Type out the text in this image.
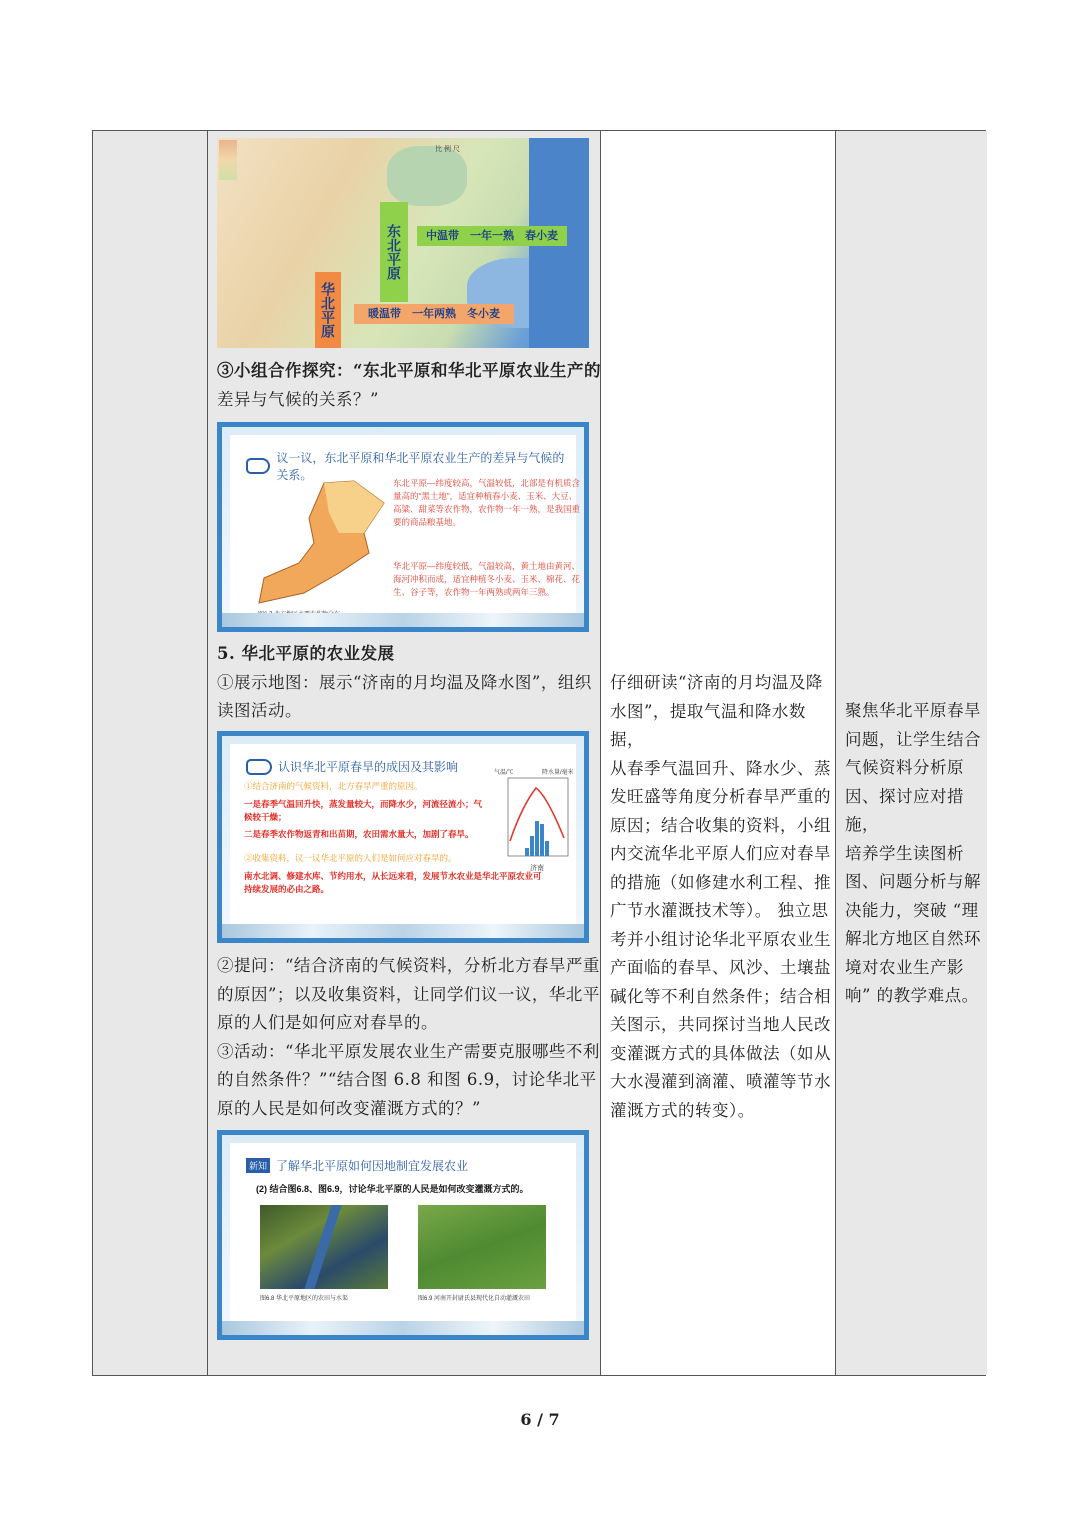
比 例 尺
东北平原	中温带　一年一熟　春小麦
华北平原	暖温带　一年两熟　冬小麦
③小组合作探究：“东北平原和华北平原农业生产的
差异与气候的关系？”
议一议，东北平原和华北平原农业生产的差异与气候的关系。
东北平原—纬度较高，气温较低，北部是有机质含量高的“黑土地”，适宜种植春小麦、玉米、大豆、高粱、甜菜等农作物，农作物一年一熟，是我国重要的商品粮基地。
华北平原—纬度较低，气温较高，黄土地由黄河、海河冲积而成，适宜种植冬小麦、玉米、棉花、花生、谷子等，农作物一年两熟或两年三熟。
5. 华北平原的农业发展
①展示地图：展示“济南的月均温及降水图”，组织
读图活动。
认识华北平原春旱的成因及其影响
①结合济南的气候资料，北方春旱严重的原因。
一是春季气温回升快，蒸发量较大，而降水少，河流径流小；气候较干燥；
二是春季农作物返青和出苗期，农田需水量大，加剧了春旱。
②收集资料，议一议华北平原的人们是如何应对春旱的。
南水北调、修建水库、节约用水，从长远来看，发展节水农业是华北平原农业可持续发展的必由之路。
气温/℃	降水量/毫米
济南
②提问：“结合济南的气候资料，分析北方春旱严重
的原因”；以及收集资料，让同学们议一议，华北平
原的人们是如何应对春旱的。
③活动：“华北平原发展农业生产需要克服哪些不利
的自然条件？”“结合图 6.8 和图 6.9，讨论华北平
原的人民是如何改变灌溉方式的？”
新知 了解华北平原如何因地制宜发展农业
(2) 结合图6.8、图6.9，讨论华北平原的人民是如何改变灌溉方式的。
图6.8 华北平原地区的农田与水渠	图6.9 河南开封尉氏县现代化自动灌溉农田
仔细研读“济南的月均温及降
水图”，提取气温和降水数据，
从春季气温回升、降水少、蒸
发旺盛等角度分析春旱严重的
原因；结合收集的资料，小组
内交流华北平原人们应对春旱
的措施（如修建水利工程、推
广节水灌溉技术等）。 独立思
考并小组讨论华北平原农业生
产面临的春旱、风沙、土壤盐
碱化等不利自然条件；结合相
关图示，共同探讨当地人民改
变灌溉方式的具体做法（如从
大水漫灌到滴灌、喷灌等节水
灌溉方式的转变）。
聚焦华北平原春旱
问题，让学生结合
气候资料分析原
因、探讨应对措施，
培养学生读图析
图、问题分析与解
决能力，突破 “理
解北方地区自然环
境对农业生产影
响” 的教学难点。
6 / 7
